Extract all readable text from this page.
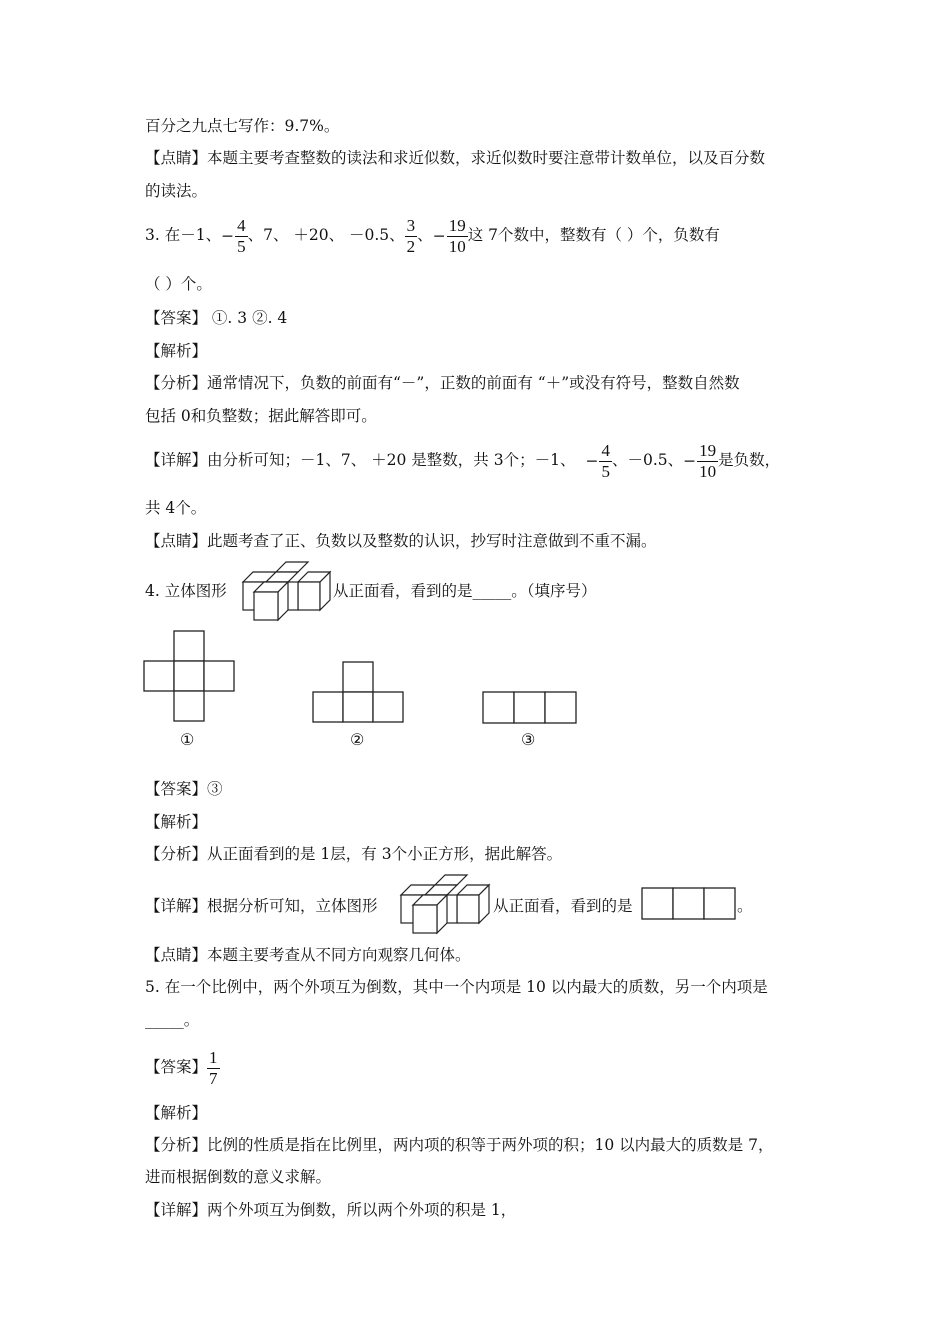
百分之九点七写作：9.7%。
【点睛】本题主要考查整数的读法和求近似数，求近似数时要注意带计数单位，以及百分数
的读法。
3. 在－1、− $\frac{4}{5}$ 、7、 ＋20、 －0.5、 $\frac{3}{2}$ 、− $\frac{19}{10}$ 这 7个数中，整数有（ ）个，负数有
（ ）个。
【答案】 ①. 3 ②. 4
【解析】
【分析】通常情况下，负数的前面有“－”，正数的前面有 “＋”或没有符号，整数自然数
包括 0和负整数；据此解答即可。
【详解】由分析可知；－1、7、 ＋20 是整数，共 3个；－1、 − $\frac{4}{5}$ 、－0.5、− $\frac{19}{10}$ 是负数，
共 4个。
【点睛】此题考查了正、负数以及整数的认识，抄写时注意做到不重不漏。
4. 立体图形	从正面看，看到的是_____。（填序号）
①	②	③
【答案】③
【解析】
【分析】从正面看到的是 1层，有 3个小正方形，据此解答。
【详解】根据分析可知，立体图形	从正面看，看到的是	。
【点睛】本题主要考查从不同方向观察几何体。
5. 在一个比例中，两个外项互为倒数，其中一个内项是 10 以内最大的质数，另一个内项是
_____。
【答案】 $\frac{1}{7}$
【解析】
【分析】比例的性质是指在比例里，两内项的积等于两外项的积；10 以内最大的质数是 7，
进而根据倒数的意义求解。
【详解】两个外项互为倒数，所以两个外项的积是 1，
